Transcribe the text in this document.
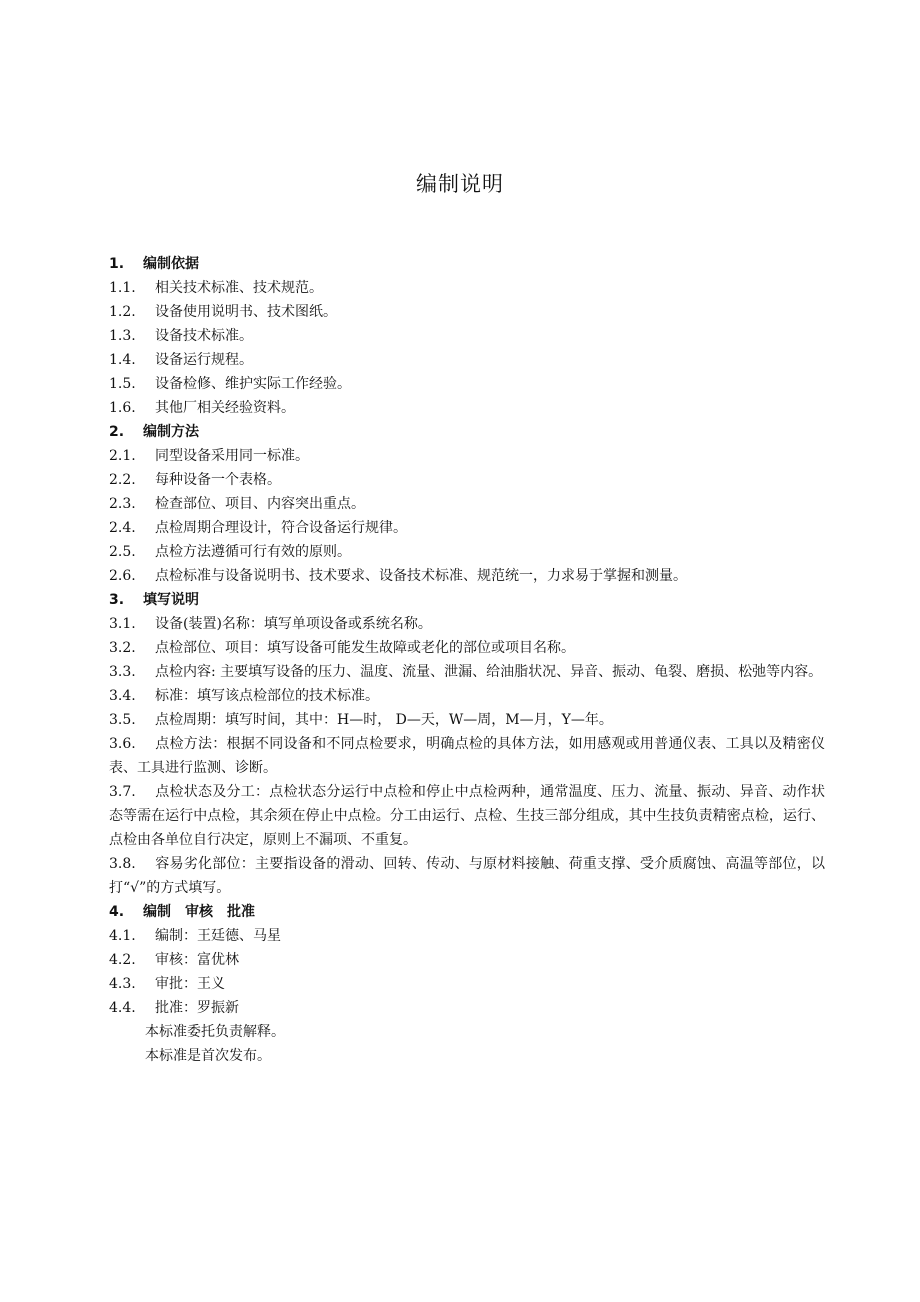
编制说明
1. 编制依据
1.1. 相关技术标准、技术规范。
1.2. 设备使用说明书、技术图纸。
1.3. 设备技术标准。
1.4. 设备运行规程。
1.5. 设备检修、维护实际工作经验。
1.6. 其他厂相关经验资料。
2. 编制方法
2.1. 同型设备采用同一标准。
2.2. 每种设备一个表格。
2.3. 检查部位、项目、内容突出重点。
2.4. 点检周期合理设计，符合设备运行规律。
2.5. 点检方法遵循可行有效的原则。
2.6. 点检标准与设备说明书、技术要求、设备技术标准、规范统一，力求易于掌握和测量。
3. 填写说明
3.1. 设备(装置)名称：填写单项设备或系统名称。
3.2. 点检部位、项目：填写设备可能发生故障或老化的部位或项目名称。
3.3. 点检内容: 主要填写设备的压力、温度、流量、泄漏、给油脂状况、异音、振动、龟裂、磨损、松弛等内容。
3.4. 标准：填写该点检部位的技术标准。
3.5. 点检周期：填写时间，其中：H—时， D—天，W—周，M—月，Y—年。
3.6. 点检方法：根据不同设备和不同点检要求，明确点检的具体方法，如用感观或用普通仪表、工具以及精密仪表、工具进行监测、诊断。
3.7. 点检状态及分工：点检状态分运行中点检和停止中点检两种，通常温度、压力、流量、振动、异音、动作状态等需在运行中点检，其余须在停止中点检。分工由运行、点检、生技三部分组成，其中生技负责精密点检，运行、点检由各单位自行决定，原则上不漏项、不重复。
3.8. 容易劣化部位：主要指设备的滑动、回转、传动、与原材料接触、荷重支撑、受介质腐蚀、高温等部位，以打“√”的方式填写。
4. 编制　审核　批准
4.1. 编制：王廷德、马星
4.2. 审核：富优林
4.3. 审批：王义
4.4. 批准：罗振新
本标准委托负责解释。
本标准是首次发布。
